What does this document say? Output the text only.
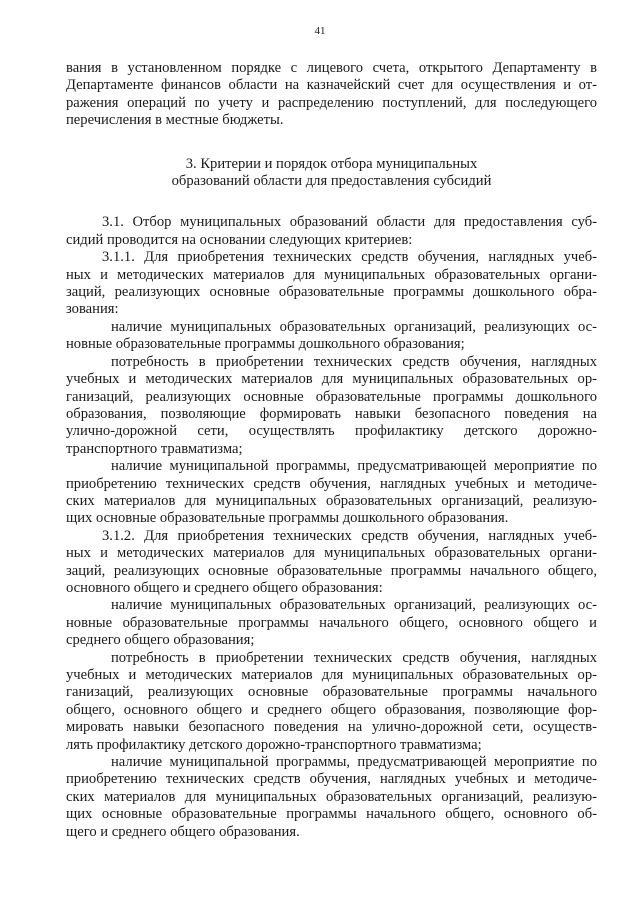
41

вания в установленном порядке с лицевого счета, открытого Департаменту в

Департаменте финансов области на казначейский счет для осуществления и от-

ражения операций по учету и распределению поступлений, для последующего

перечисления в местные бюджеты.

3. Критерии и порядок отбора муниципальных
образований области для предоставления субсидий

3.1. Отбор муниципальных образований области для предоставления суб-

сидий проводится на основании следующих критериев:

3.1.1. Для приобретения технических средств обучения, наглядных учеб-

ных и методических материалов для муниципальных образовательных органи-

заций, реализующих основные образовательные программы дошкольного обра-

зования:

наличие муниципальных образовательных организаций, реализующих ос-

новные образовательные программы дошкольного образования;

потребность в приобретении технических средств обучения, наглядных

учебных и методических материалов для муниципальных образовательных ор-

ганизаций, реализующих основные образовательные программы дошкольного

образования, позволяющие формировать навыки безопасного поведения на

улично-дорожной сети, осуществлять профилактику детского дорожно-

транспортного травматизма;

наличие муниципальной программы, предусматривающей мероприятие по

приобретению технических средств обучения, наглядных учебных и методиче-

ских материалов для муниципальных образовательных организаций, реализую-

щих основные образовательные программы дошкольного образования.

3.1.2. Для приобретения технических средств обучения, наглядных учеб-

ных и методических материалов для муниципальных образовательных органи-

заций, реализующих основные образовательные программы начального общего,

основного общего и среднего общего образования:

наличие муниципальных образовательных организаций, реализующих ос-

новные образовательные программы начального общего, основного общего и

среднего общего образования;

потребность в приобретении технических средств обучения, наглядных

учебных и методических материалов для муниципальных образовательных ор-

ганизаций, реализующих основные образовательные программы начального

общего, основного общего и среднего общего образования, позволяющие фор-

мировать навыки безопасного поведения на улично-дорожной сети, осуществ-

лять профилактику детского дорожно-транспортного травматизма;

наличие муниципальной программы, предусматривающей мероприятие по

приобретению технических средств обучения, наглядных учебных и методиче-

ских материалов для муниципальных образовательных организаций, реализую-

щих основные образовательные программы начального общего, основного об-

щего и среднего общего образования.
